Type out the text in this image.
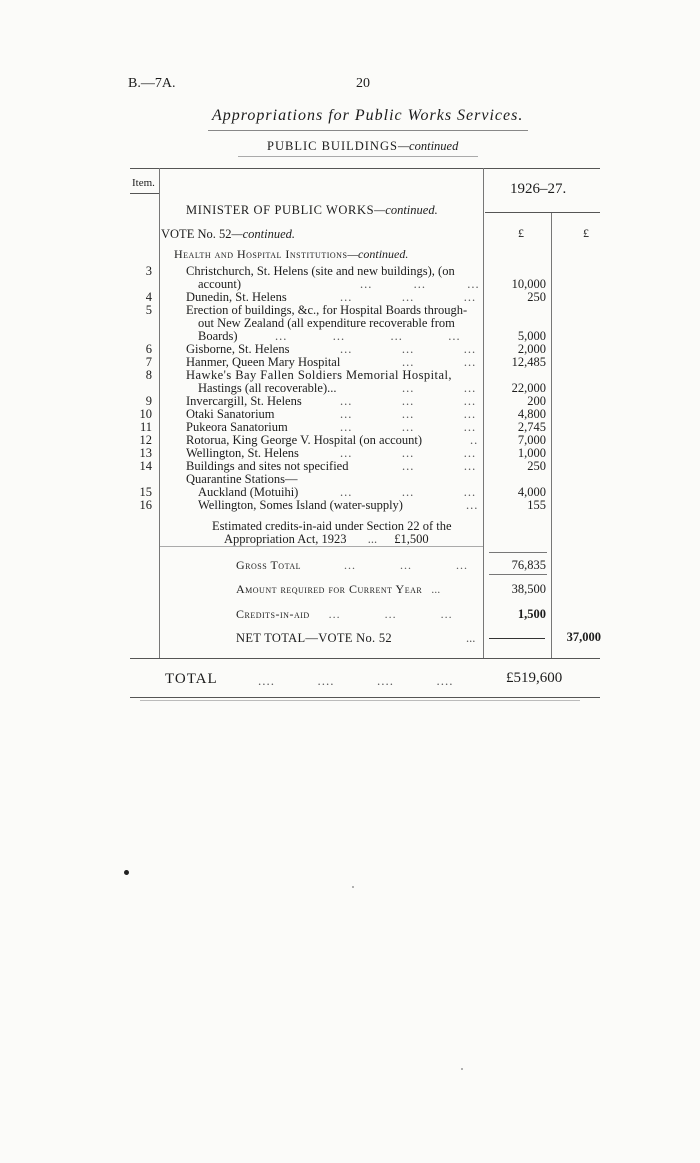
B.—7A.	20
Appropriations for Public Works Services.
PUBLIC BUILDINGS—continued
Item.	1926–27.
£	£
MINISTER OF PUBLIC WORKS—continued.
VOTE No. 52—continued.
Health and Hospital Institutions—continued.
3	Christchurch, St. Helens (site and new buildings), (on
account)	...          ...          ...	10,000
4	Dunedin, St. Helens	...            ...            ...	250
5	Erection of buildings, &c., for Hospital Boards through-
out New Zealand (all expenditure recoverable from
Boards)	...           ...           ...           ...	5,000
6	Gisborne, St. Helens	...            ...            ...	2,000
7	Hanmer, Queen Mary Hospital	...            ...	12,485
8	Hawke's Bay Fallen Soldiers Memorial Hospital,
Hastings (all recoverable)...	...            ...	22,000
9	Invercargill, St. Helens	...            ...            ...	200
10	Otaki Sanatorium	...            ...            ...	4,800
11	Pukeora Sanatorium	...            ...            ...	2,745
12	Rotorua, King George V. Hospital (on account)	..	7,000
13	Wellington, St. Helens	...            ...            ...	1,000
14	Buildings and sites not specified	...            ...	250
Quarantine Stations—
15	Auckland (Motuihi)	...            ...            ...	4,000
16	Wellington, Somes Island (water-supply)	...	155
Estimated credits-in-aid under Section 22 of the
Appropriation Act, 1923 ... £1,500
Gross Total	...           ...           ...	76,835
Amount required for Current Year ...	38,500
Credits-in-aid ...           ...           ...	1,500
NET TOTAL—VOTE No. 52	...	37,000
TOTAL	....          ....          ....          ....	£519,600
